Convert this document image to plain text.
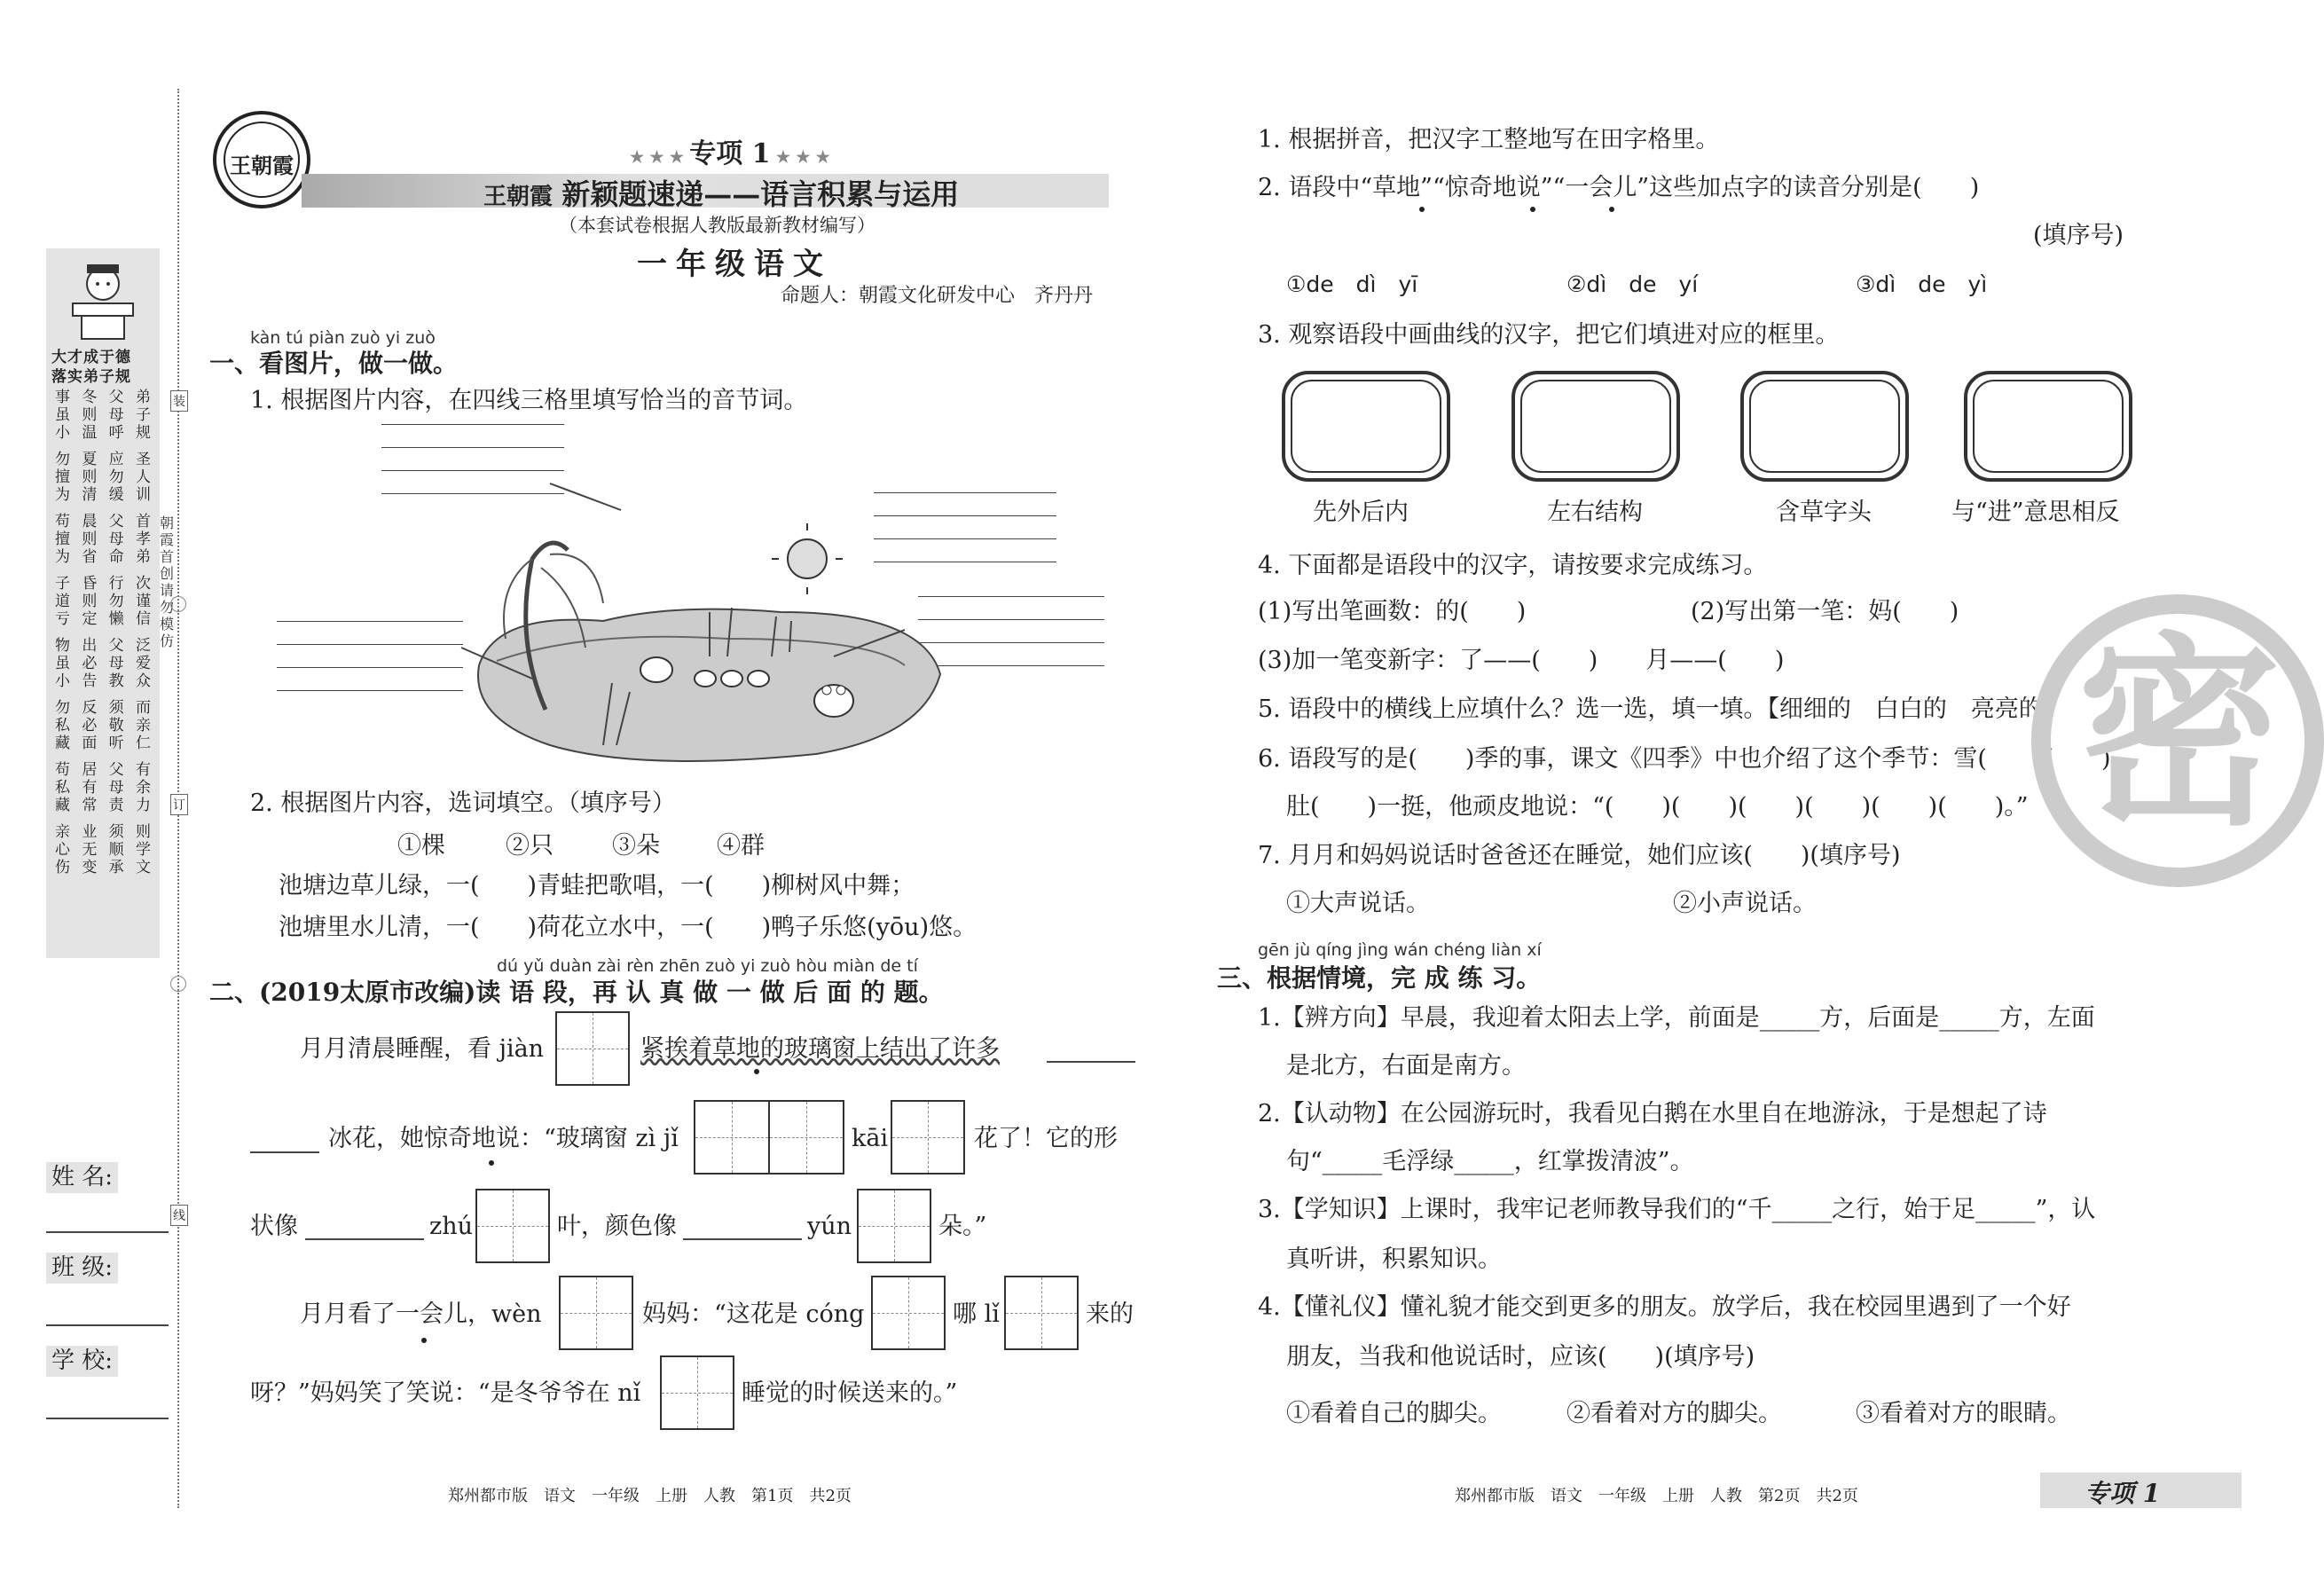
大才成于德
落实弟子规
事 冬 父 弟
虽 则 母 子
小 温 呼 规
勿 夏 应 圣
擅 则 勿 人
为 清 缓 训
苟 晨 父 首
擅 则 母 孝
为 省 命 弟
子 昏 行 次
道 则 勿 谨
亏 定 懒 信
物 出 父 泛
虽 必 母 爱
小 告 教 众
勿 反 须 而
私 必 敬 亲
藏 面 听 仁
苟 居 父 有
私 有 母 余
藏 常 责 力
亲 业 须 则
心 无 顺 学
伤 变 承 文
朝霞首创 请勿模仿
装
订
线
姓 名:
班 级:
学 校:
王朝霞	★ ★ ★ 专项 1 ★ ★ ★
王朝霞 新颖题速递——语言积累与运用
（本套试卷根据人教版最新教材编写）
一年级语文
命题人：朝霞文化研发中心　齐丹丹
kàn tú piàn zuò yi zuò
一、看图片，做一做。
1. 根据图片内容，在四线三格里填写恰当的音节词。
2. 根据图片内容，选词填空。（填序号）
①棵	②只 ③朵 ④群
池塘边草儿绿，一(　　)青蛙把歌唱，一(　　)柳树风中舞；
池塘里水儿清，一(　　)荷花立水中，一(　　)鸭子乐悠(yōu)悠。
dú yǔ duàn zài rèn zhēn zuò yi zuò hòu miàn de tí
二、(2019太原市改编)读 语 段，再 认 真 做 一 做 后 面 的 题。
月月清晨睡醒，看 jiàn	紧挨着草地的玻璃窗上结出了许多
冰花，她惊奇地说：“玻璃窗 zì jǐ	kāi	花了！它的形
状像	zhú	叶，颜色像	yún	朵。”
月月看了一会儿，wèn	妈妈：“这花是 cóng	哪 lǐ	来的
呀？”妈妈笑了笑说：“是冬爷爷在 nǐ	睡觉的时候送来的。”
郑州都市版　语文　一年级　上册　人教　第1页　共2页
1. 根据拼音，把汉字工整地写在田字格里。
2. 语段中“草地”“惊奇地说”“一会儿”这些加点字的读音分别是(　　)
(填序号)
①de　dì　yī	②dì　de　yí	③dì　de　yì
3. 观察语段中画曲线的汉字，把它们填进对应的框里。
先外后内	左右结构	含草字头	与“进”意思相反
4. 下面都是语段中的汉字，请按要求完成练习。
(1)写出笔画数：的(　　)	(2)写出第一笔：妈(　　)
(3)加一笔变新字：了——(　　)　　月——(　　)
5. 语段中的横线上应填什么？选一选，填一填。【细细的　白白的　亮亮的】
6. 语段写的是(　　)季的事，课文《四季》中也介绍了这个季节：雪(　　)(　　)
肚(　　)一挺，他顽皮地说：“(　　)(　　)(　　)(　　)(　　)(　　)。”
7. 月月和妈妈说话时爸爸还在睡觉，她们应该(　　)(填序号)
①大声说话。	②小声说话。
gēn jù qíng jìng wán chéng liàn xí
三、根据情境，完 成 练 习。
1.【辨方向】早晨，我迎着太阳去上学，前面是_____方，后面是_____方，左面
是北方，右面是南方。
2.【认动物】在公园游玩时，我看见白鹅在水里自在地游泳，于是想起了诗
句“_____毛浮绿_____，红掌拨清波”。
3.【学知识】上课时，我牢记老师教导我们的“千_____之行，始于足_____”，认
真听讲，积累知识。
4.【懂礼仪】懂礼貌才能交到更多的朋友。放学后，我在校园里遇到了一个好
朋友，当我和他说话时，应该(　　)(填序号)
①看着自己的脚尖。	②看着对方的脚尖。	③看着对方的眼睛。
密
郑州都市版　语文　一年级　上册　人教　第2页　共2页	专项 1
